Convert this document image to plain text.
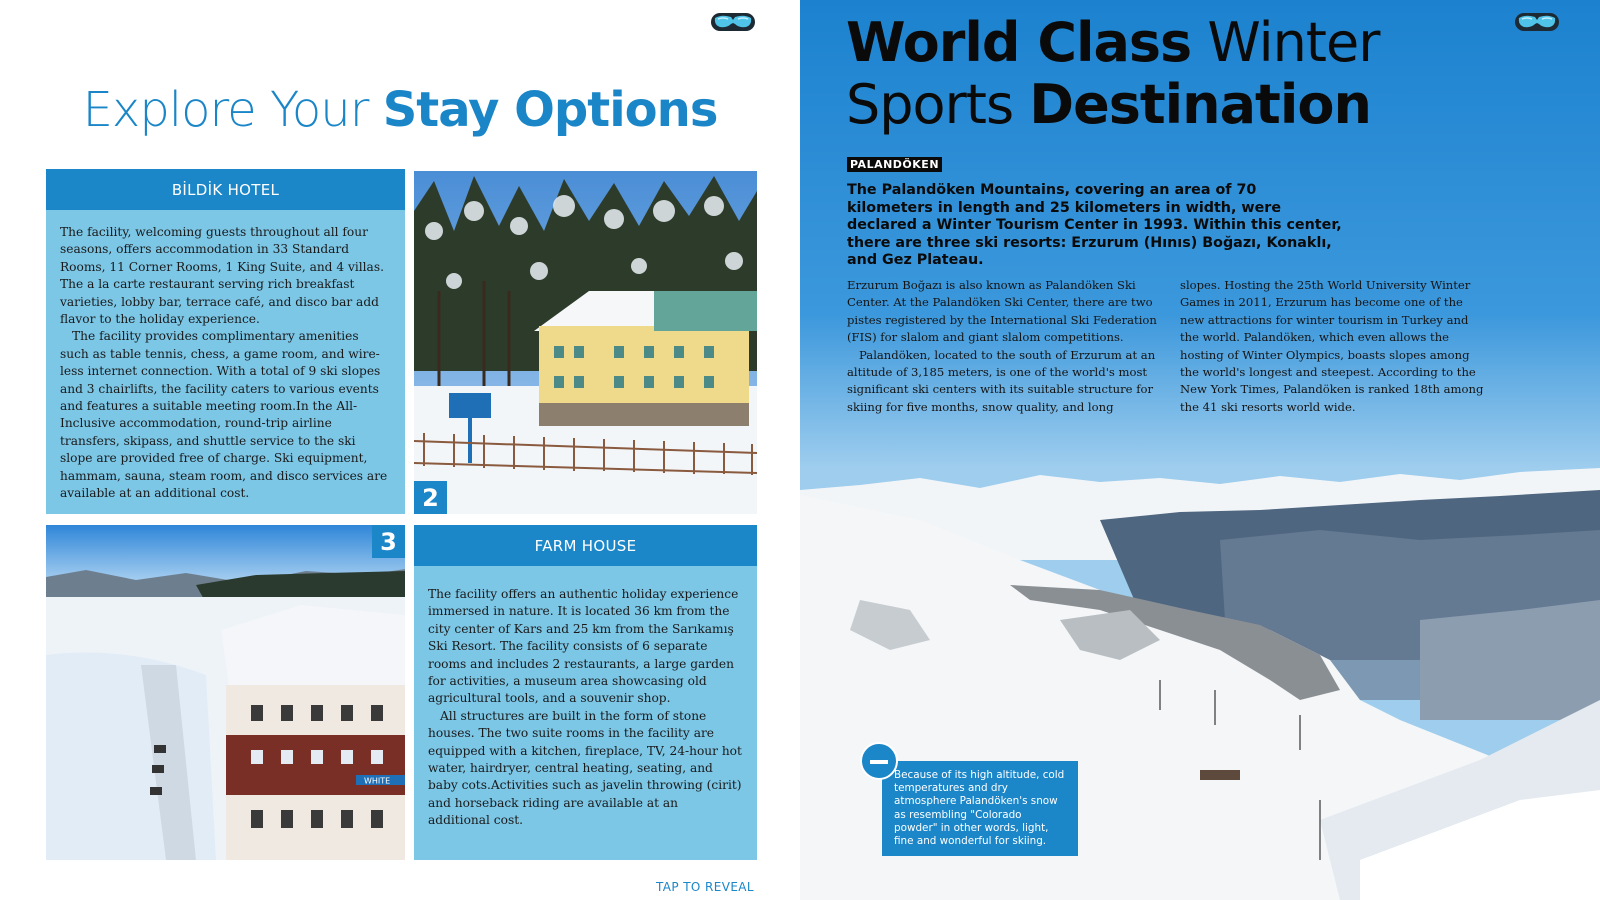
Explore Your Stay Options
BİLDİK HOTEL

The facility, welcoming guests throughout all four seasons, offers accommodation in 33 Standard Rooms, 11 Corner Rooms, 1 King Suite, and 4 villas. The a la carte restaurant serving rich breakfast varieties, lobby bar, terrace café, and disco bar add flavor to the holiday experience.

The facility provides complimentary amenities such as table tennis, chess, a game room, and wire-less internet connection. With a total of 9 ski slopes and 3 chairlifts, the facility caters to various events and features a suitable meeting room.In the All-Inclusive accommodation, round-trip airline transfers, skipass, and shuttle service to the ski slope are provided free of charge. Ski equipment, hammam, sauna, steam room, and disco services are available at an additional cost.	2
WHITE
3	FARM HOUSE

The facility offers an authentic holiday experience immersed in nature. It is located 36 km from the city center of Kars and 25 km from the Sarıkamış Ski Resort. The facility consists of 6 separate rooms and includes 2 restaurants, a large garden for activities, a museum area showcasing old agricultural tools, and a souvenir shop.

All structures are built in the form of stone houses. The two suite rooms in the facility are equipped with a kitchen, fireplace, TV, 24-hour hot water, hairdryer, central heating, seating, and baby cots.Activities such as javelin throwing (cirit) and horseback riding are available at an additional cost.

TAP TO REVEAL
World Class Winter
Sports Destination
PALANDÖKEN

The Palandöken Mountains, covering an area of 70 kilometers in length and 25 kilometers in width, were declared a Winter Tourism Center in 1993. Within this center, there are three ski resorts: Erzurum (Hınıs) Boğazı, Konaklı, and Gez Plateau.

Erzurum Boğazı is also known as Palandöken Ski Center. At the Palandöken Ski Center, there are two pistes registered by the International Ski Federation (FIS) for slalom and giant slalom competitions.

Palandöken, located to the south of Erzurum at an altitude of 3,185 meters, is one of the world's most significant ski centers with its suitable structure for skiing for five months, snow quality, and long

slopes. Hosting the 25th World University Winter Games in 2011, Erzurum has become one of the new attractions for winter tourism in Turkey and the world. Palandöken, which even allows the hosting of Winter Olympics, boasts slopes among the world's longest and steepest. According to the New York Times, Palandöken is ranked 18th among the 41 ski resorts world wide.

Because of its high altitude, cold temperatures and dry atmosphere Palandöken's snow as resembling "Colorado powder" in other words, light, fine and wonderful for skiing.
